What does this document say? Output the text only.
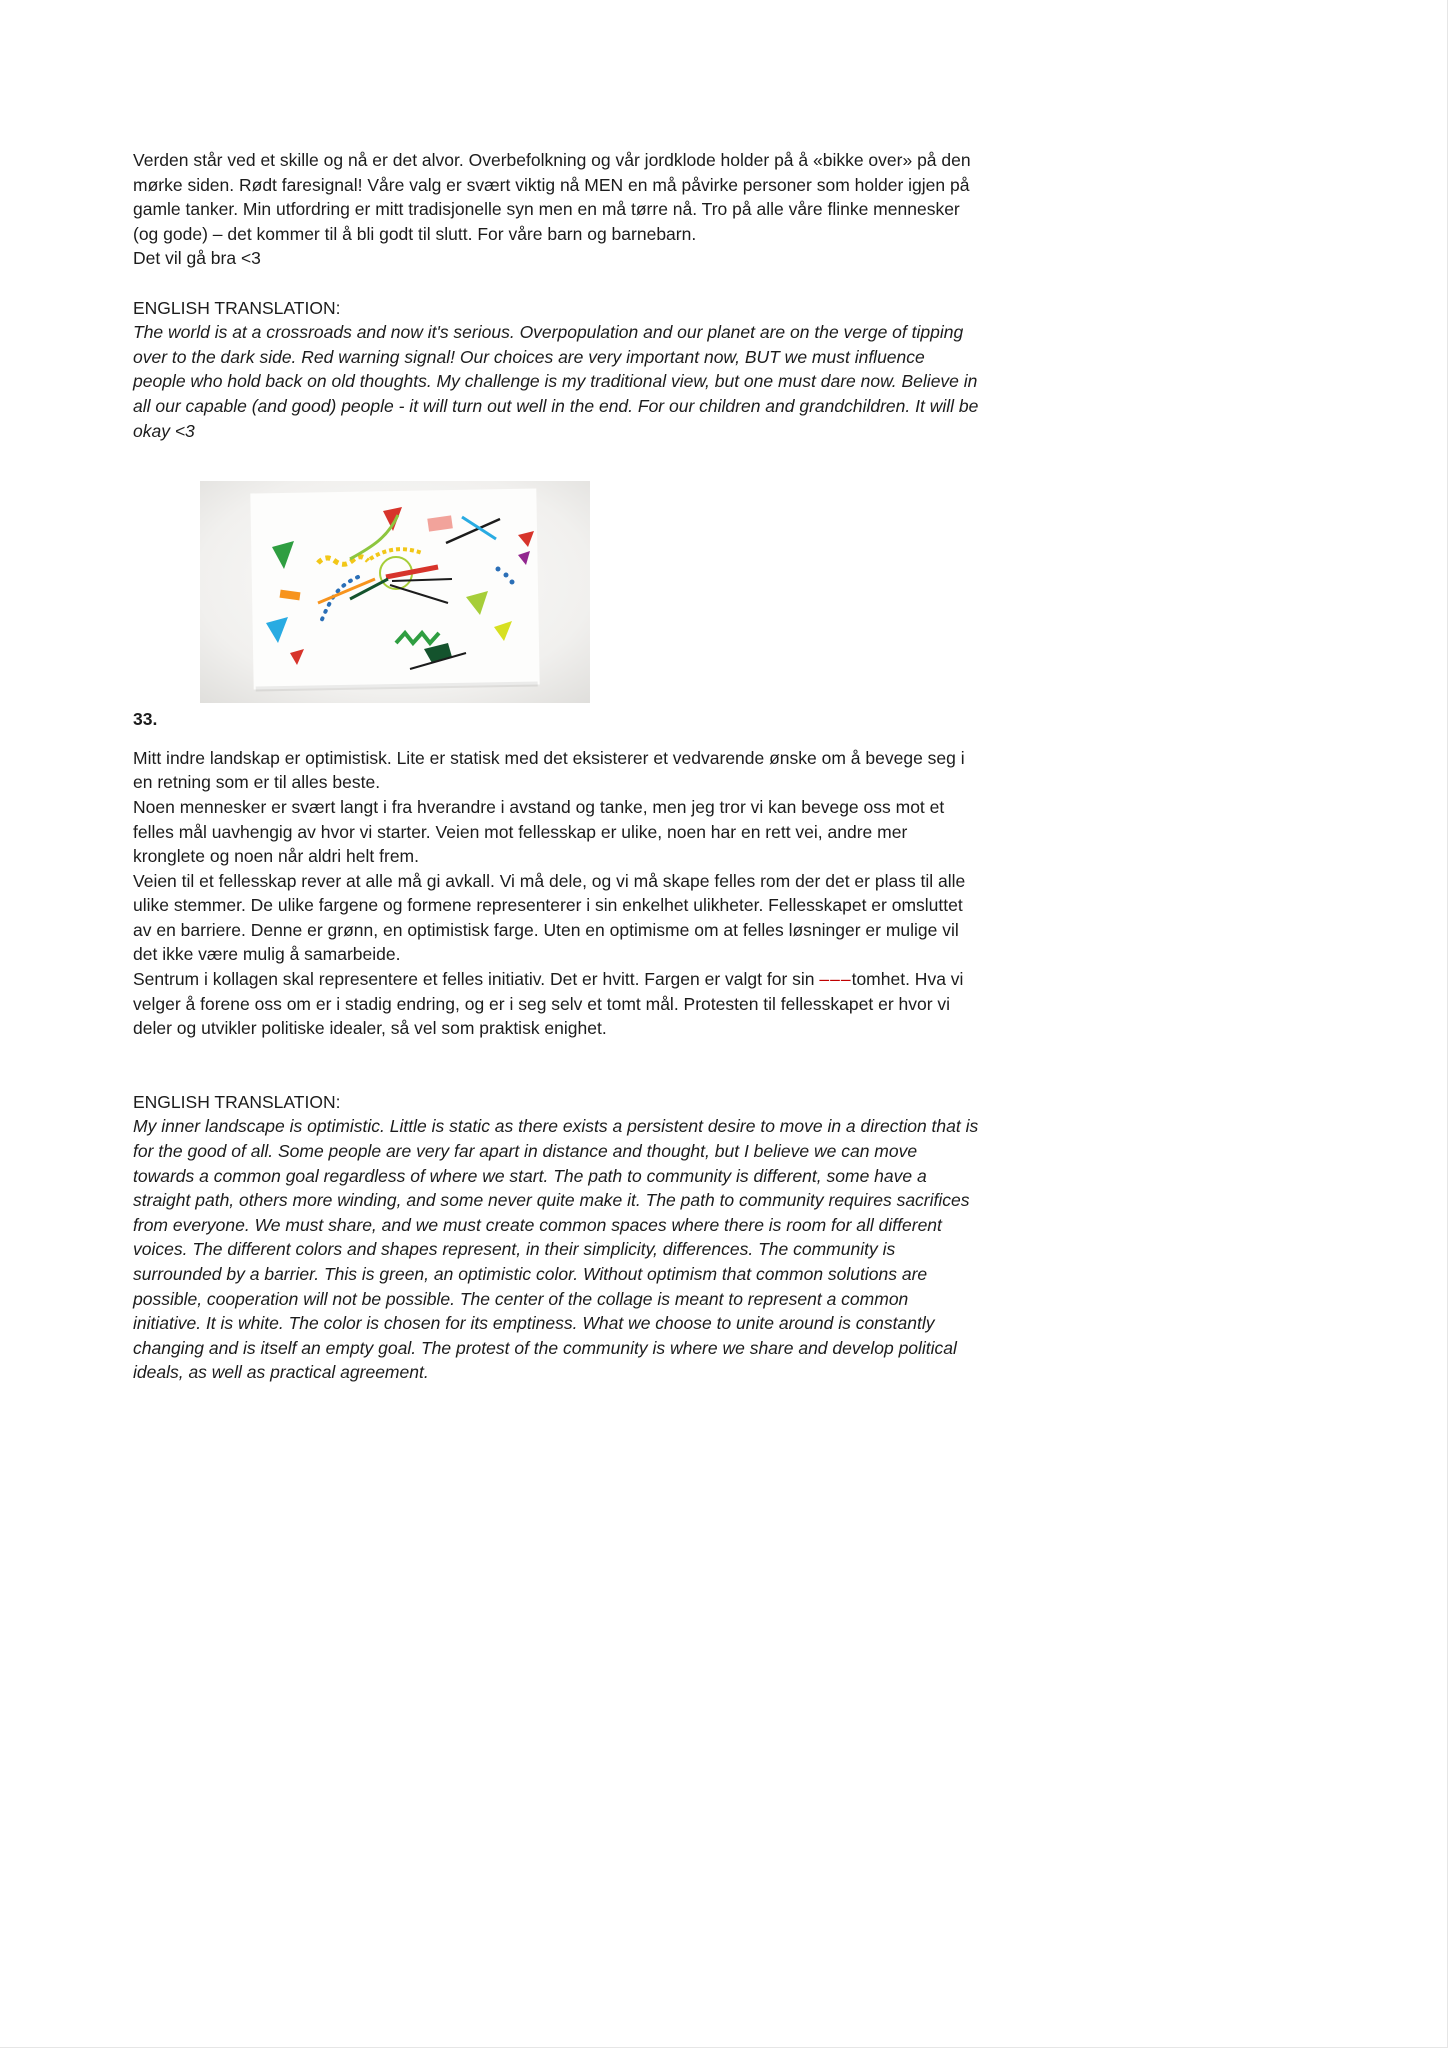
Verden står ved et skille og nå er det alvor. Overbefolkning og vår jordklode holder på å «bikke over» på den mørke siden. Rødt faresignal! Våre valg er svært viktig nå MEN en må påvirke personer som holder igjen på gamle tanker. Min utfordring er mitt tradisjonelle syn men en må tørre nå. Tro på alle våre flinke mennesker (og gode) – det kommer til å bli godt til slutt. For våre barn og barnebarn.

Det vil gå bra <3

ENGLISH TRANSLATION:

The world is at a crossroads and now it's serious. Overpopulation and our planet are on the verge of tipping over to the dark side. Red warning signal! Our choices are very important now, BUT we must influence people who hold back on old thoughts. My challenge is my traditional view, but one must dare now. Believe in all our capable (and good) people - it will turn out well in the end. For our children and grandchildren. It will be okay <3

33.

Mitt indre landskap er optimistisk. Lite er statisk med det eksisterer et vedvarende ønske om å bevege seg i en retning som er til alles beste.

Noen mennesker er svært langt i fra hverandre i avstand og tanke, men jeg tror vi kan bevege oss mot et felles mål uavhengig av hvor vi starter. Veien mot fellesskap er ulike, noen har en rett vei, andre mer kronglete og noen når aldri helt frem.

Veien til et fellesskap rever at alle må gi avkall. Vi må dele, og vi må skape felles rom der det er plass til alle ulike stemmer. De ulike fargene og formene representerer i sin enkelhet ulikheter. Fellesskapet er omsluttet av en barriere. Denne er grønn, en optimistisk farge. Uten en optimisme om at felles løsninger er mulige vil det ikke være mulig å samarbeide.

Sentrum i kollagen skal representere et felles initiativ. Det er hvitt. Fargen er valgt for sin –––tomhet. Hva vi velger å forene oss om er i stadig endring, og er i seg selv et tomt mål. Protesten til fellesskapet er hvor vi deler og utvikler politiske idealer, så vel som praktisk enighet.

ENGLISH TRANSLATION:

My inner landscape is optimistic. Little is static as there exists a persistent desire to move in a direction that is for the good of all. Some people are very far apart in distance and thought, but I believe we can move towards a common goal regardless of where we start. The path to community is different, some have a straight path, others more winding, and some never quite make it. The path to community requires sacrifices from everyone. We must share, and we must create common spaces where there is room for all different voices. The different colors and shapes represent, in their simplicity, differences. The community is surrounded by a barrier. This is green, an optimistic color. Without optimism that common solutions are possible, cooperation will not be possible. The center of the collage is meant to represent a common initiative. It is white. The color is chosen for its emptiness. What we choose to unite around is constantly changing and is itself an empty goal. The protest of the community is where we share and develop political ideals, as well as practical agreement.
